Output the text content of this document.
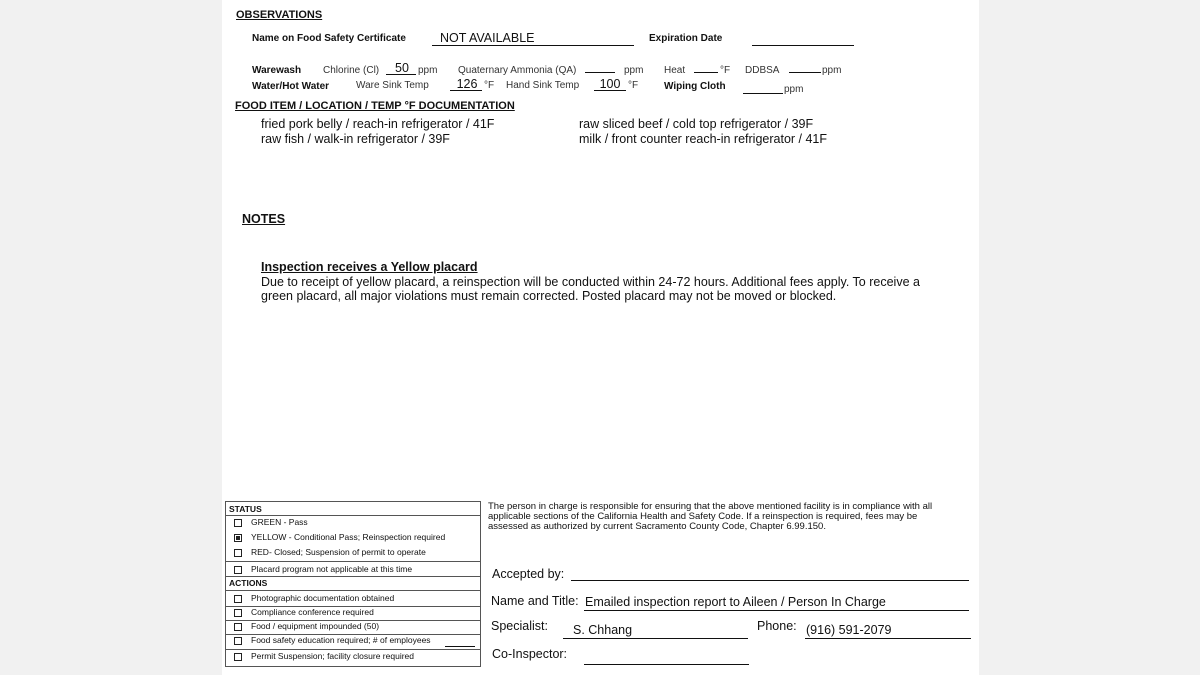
OBSERVATIONS
Name on Food Safety Certificate	NOT AVAILABLE	Expiration Date
Warewash Chlorine (Cl)	50 ppm Quaternary Ammonia (QA)	ppm Heat	°F DDBSA	ppm
Water/Hot Water	Ware Sink Temp	126 °F Hand Sink Temp	100 °F	Wiping Cloth	ppm
FOOD ITEM / LOCATION / TEMP °F DOCUMENTATION
fried pork belly / reach-in refrigerator / 41F	raw sliced beef / cold top refrigerator / 39F
raw fish / walk-in refrigerator / 39F	milk / front counter reach-in refrigerator / 41F
NOTES
Inspection receives a Yellow placard
Due to receipt of yellow placard, a reinspection will be conducted within 24-72 hours. Additional fees apply. To receive a
green placard, all major violations must remain corrected. Posted placard may not be moved or blocked.
STATUS
GREEN - Pass
YELLOW - Conditional Pass; Reinspection required
RED- Closed; Suspension of permit to operate
Placard program not applicable at this time
ACTIONS
Photographic documentation obtained
Compliance conference required
Food / equipment impounded (50)
Food safety education required; # of employees
Permit Suspension; facility closure required
The person in charge is responsible for ensuring that the above mentioned facility is in compliance with all
applicable sections of the California Health and Safety Code. If a reinspection is required, fees may be
assessed as authorized by current Sacramento County Code, Chapter 6.99.150.
Accepted by:
Name and Title: Emailed inspection report to Aileen / Person In Charge
Specialist:	S. Chhang	Phone: (916) 591-2079
Co-Inspector:
